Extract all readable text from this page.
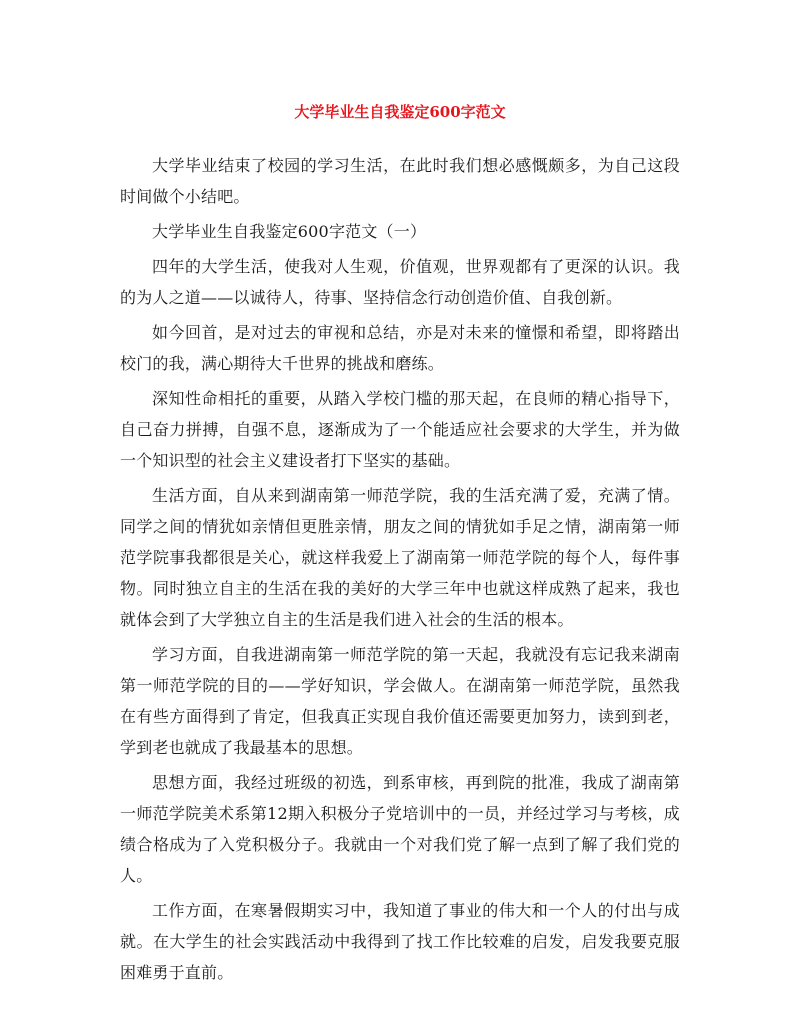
大学毕业生自我鉴定600字范文

大学毕业结束了校园的学习生活，在此时我们想必感慨颇多，为自己这段时间做个小结吧。

大学毕业生自我鉴定600字范文（一）

四年的大学生活，使我对人生观，价值观，世界观都有了更深的认识。我的为人之道——以诚待人，待事、坚持信念行动创造价值、自我创新。

如今回首，是对过去的审视和总结，亦是对未来的憧憬和希望，即将踏出校门的我，满心期待大千世界的挑战和磨练。

深知性命相托的重要，从踏入学校门槛的那天起，在良师的精心指导下，自己奋力拼搏，自强不息，逐渐成为了一个能适应社会要求的大学生，并为做一个知识型的社会主义建设者打下坚实的基础。

生活方面，自从来到湖南第一师范学院，我的生活充满了爱，充满了情。同学之间的情犹如亲情但更胜亲情，朋友之间的情犹如手足之情，湖南第一师范学院事我都很是关心，就这样我爱上了湖南第一师范学院的每个人，每件事物。同时独立自主的生活在我的美好的大学三年中也就这样成熟了起来，我也就体会到了大学独立自主的生活是我们进入社会的生活的根本。

学习方面，自我进湖南第一师范学院的第一天起，我就没有忘记我来湖南第一师范学院的目的——学好知识，学会做人。在湖南第一师范学院，虽然我在有些方面得到了肯定，但我真正实现自我价值还需要更加努力，读到到老，学到老也就成了我最基本的思想。

思想方面，我经过班级的初选，到系审核，再到院的批准，我成了湖南第一师范学院美术系第12期入积极分子党培训中的一员，并经过学习与考核，成绩合格成为了入党积极分子。我就由一个对我们党了解一点到了解了我们党的人。

工作方面，在寒暑假期实习中，我知道了事业的伟大和一个人的付出与成就。在大学生的社会实践活动中我得到了找工作比较难的启发，启发我要克服困难勇于直前。
